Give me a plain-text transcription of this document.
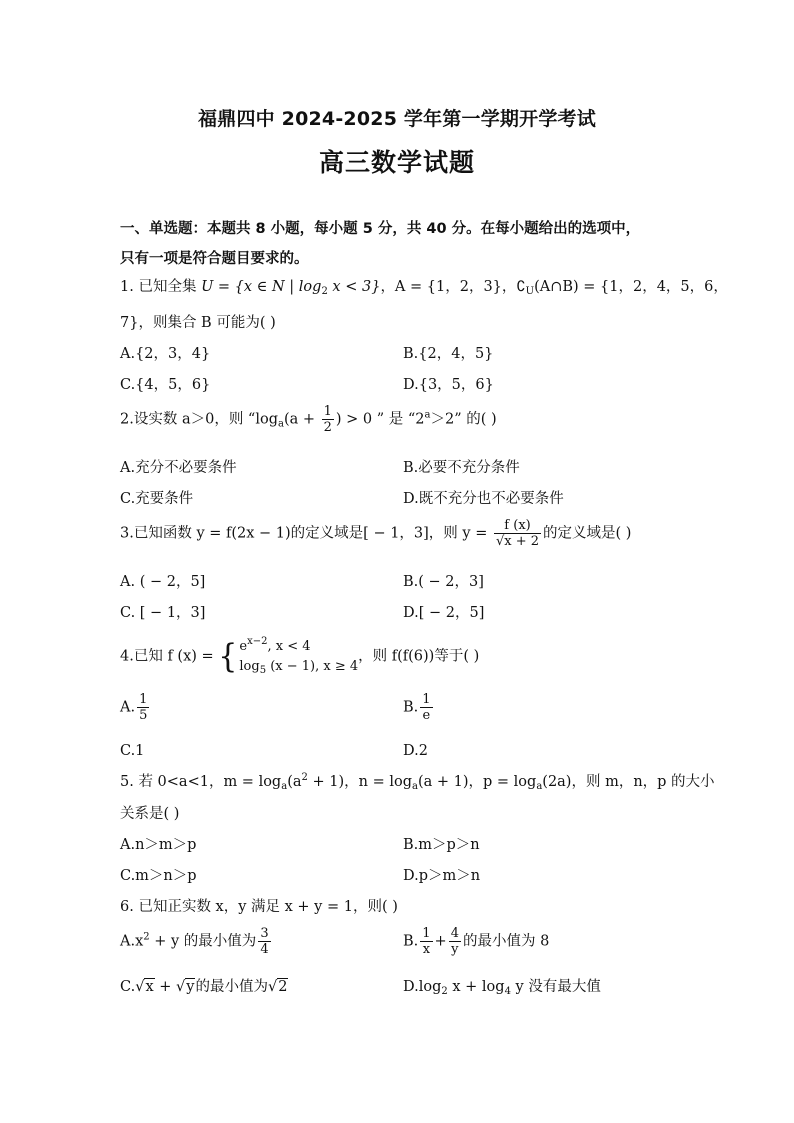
福鼎四中 2024-2025 学年第一学期开学考试
高三数学试题
一、单选题：本题共 8 小题，每小题 5 分，共 40 分。在每小题给出的选项中，
只有一项是符合题目要求的。
1. 已知全集 U = {x ∈ N | $\log_2 x < 3$}，A = {1，2，3}，$∁_U(A\cap B) = \{1$，2，4，5，6，
7}，则集合 B 可能为( )
A.{2，3，4}	B.{2，4，5}
C.{4，5，6}	D.{3，5，6}
2.设实数 a＞0，则 “$\log_a(a + \frac{1}{2}$ ) > 0 ” 是 “$2^a>2$” 的( )
A.充分不必要条件	B.必要不充分条件
C.充要条件	D.既不充分也不必要条件
3.已知函数 y = f(2x − 1)的定义域是[ − 1，3]，则 $y = \frac{f (x)}{√x + 2}$ 的定义域是( )
A. ( − 2，5]	B.( − 2，3]
C. [ − 1，3]	D.[ − 2，5]
4.已知 f (x) = { $e^{x-2}$, x < 4
$\log_5 (x - 1)$, x ≥ 4
，则 f(f(6))等于( )
A. $\frac{1}{5}$	B. $\frac{1}{e}$
C.1	D.2
5. 若 0<a<1，$m = \log_a(a^2 + 1)$，$n = \log_a(a + 1)$，$p = \log_a(2a)$，则 m，n，p 的大小
关系是( )
A.n＞m＞p	B.m＞p＞n
C.m＞n＞p	D.p＞m＞n
6. 已知正实数 x，y 满足 x + y = 1，则( )
$A.x^2 + y$ 的最小值为 $\frac{3}{4}$	B. $\frac{1}{x} + \frac{4}{y}$ 的最小值为 8
C.√x + √y的最小值为√2	$D.\log_2$ $x + \log_4 y$ 没有最大值
